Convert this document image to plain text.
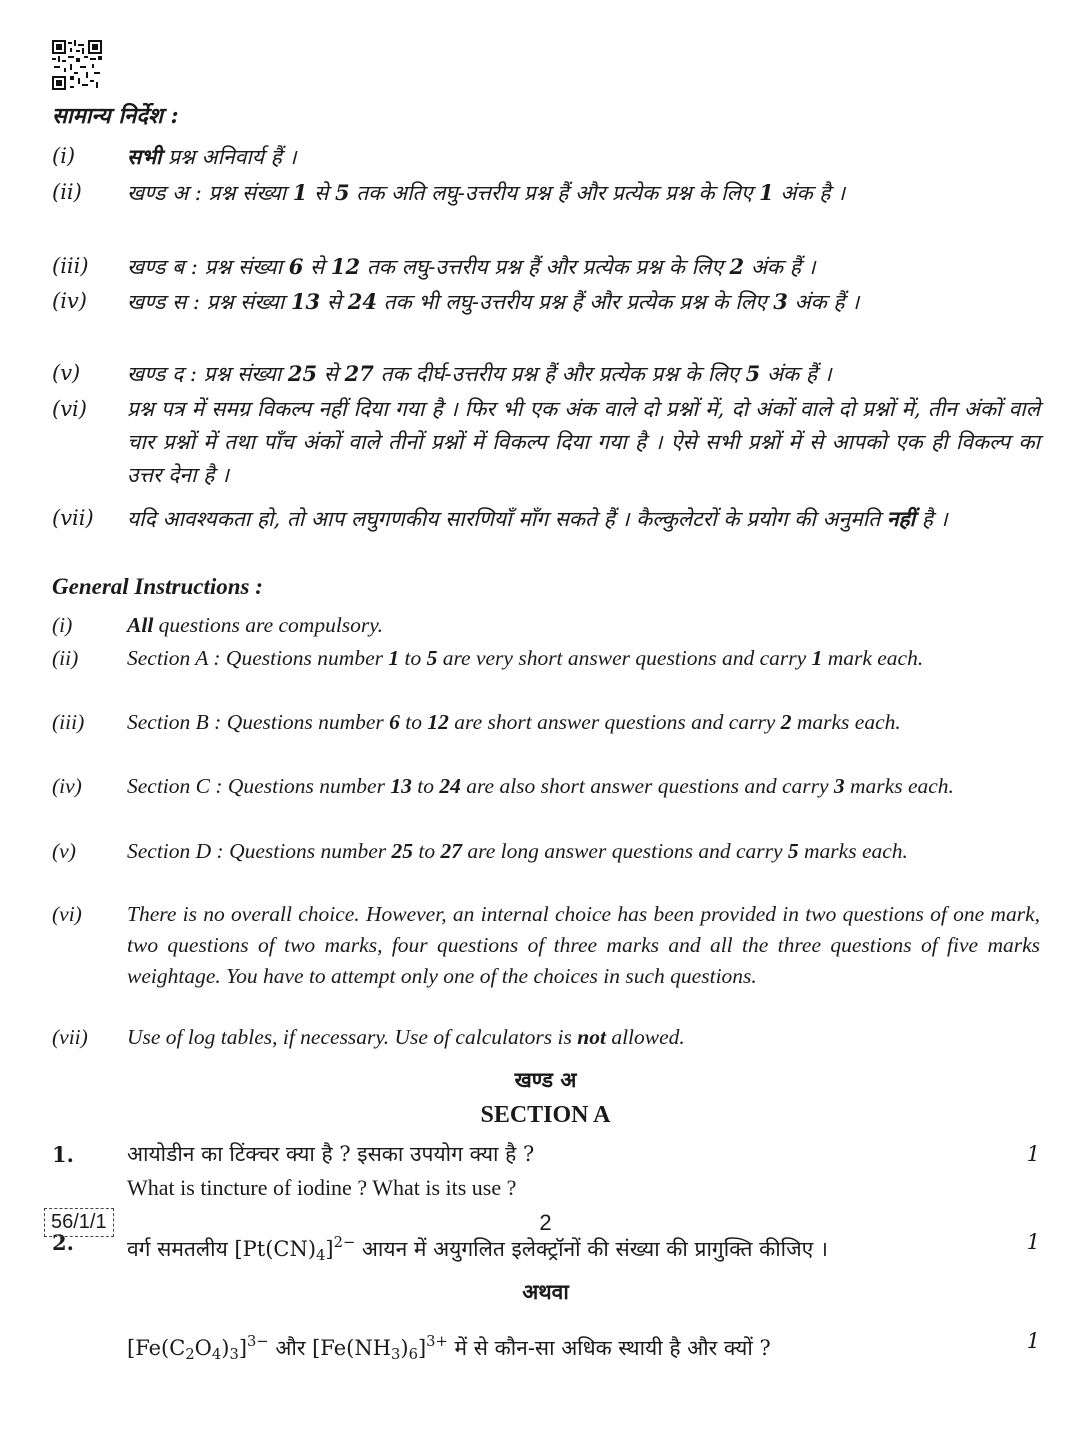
सामान्य निर्देश :
(i) सभी प्रश्न अनिवार्य हैं ।
(ii) खण्ड अ : प्रश्न संख्या 1 से 5 तक अति लघु-उत्तरीय प्रश्न हैं और प्रत्येक प्रश्न के लिए 1 अंक है ।
(iii) खण्ड ब : प्रश्न संख्या 6 से 12 तक लघु-उत्तरीय प्रश्न हैं और प्रत्येक प्रश्न के लिए 2 अंक हैं ।
(iv) खण्ड स : प्रश्न संख्या 13 से 24 तक भी लघु-उत्तरीय प्रश्न हैं और प्रत्येक प्रश्न के लिए 3 अंक हैं ।
(v) खण्ड द : प्रश्न संख्या 25 से 27 तक दीर्घ-उत्तरीय प्रश्न हैं और प्रत्येक प्रश्न के लिए 5 अंक हैं ।
(vi) प्रश्न पत्र में समग्र विकल्प नहीं दिया गया है । फिर भी एक अंक वाले दो प्रश्नों में, दो अंकों वाले दो प्रश्नों में, तीन अंकों वाले चार प्रश्नों में तथा पाँच अंकों वाले तीनों प्रश्नों में विकल्प दिया गया है । ऐसे सभी प्रश्नों में से आपको एक ही विकल्प का उत्तर देना है ।
(vii) यदि आवश्यकता हो, तो आप लघुगणकीय सारणियाँ माँग सकते हैं । कैल्कुलेटरों के प्रयोग की अनुमति नहीं है ।
General Instructions :
(i)	All questions are compulsory.
(ii) Section A : Questions number 1 to 5 are very short answer questions and carry 1 mark each.
(iii) Section B : Questions number 6 to 12 are short answer questions and carry 2 marks each.
(iv) Section C : Questions number 13 to 24 are also short answer questions and carry 3 marks each.
(v) Section D : Questions number 25 to 27 are long answer questions and carry 5 marks each.
(vi) There is no overall choice. However, an internal choice has been provided in two questions of one mark, two questions of two marks, four questions of three marks and all the three questions of five marks weightage. You have to attempt only one of the choices in such questions.
(vii) Use of log tables, if necessary. Use of calculators is not allowed.
खण्ड अ
SECTION A
1.	आयोडीन का टिंक्चर क्या है ? इसका उपयोग क्या है ?
What is tincture of iodine ? What is its use ?
1
2.	वर्ग समतलीय $[Pt(CN)_4]^{2-}$ आयन में अयुगलित इलेक्ट्रॉनों की संख्या की प्रागुक्ति कीजिए ।	1
अथवा
$[Fe(C_2O_4)_3]^{3-}$ और $[Fe(NH_3)_6]^{3+}$ में से कौन-सा अधिक स्थायी है और क्यों ?	1
56/1/1	2
